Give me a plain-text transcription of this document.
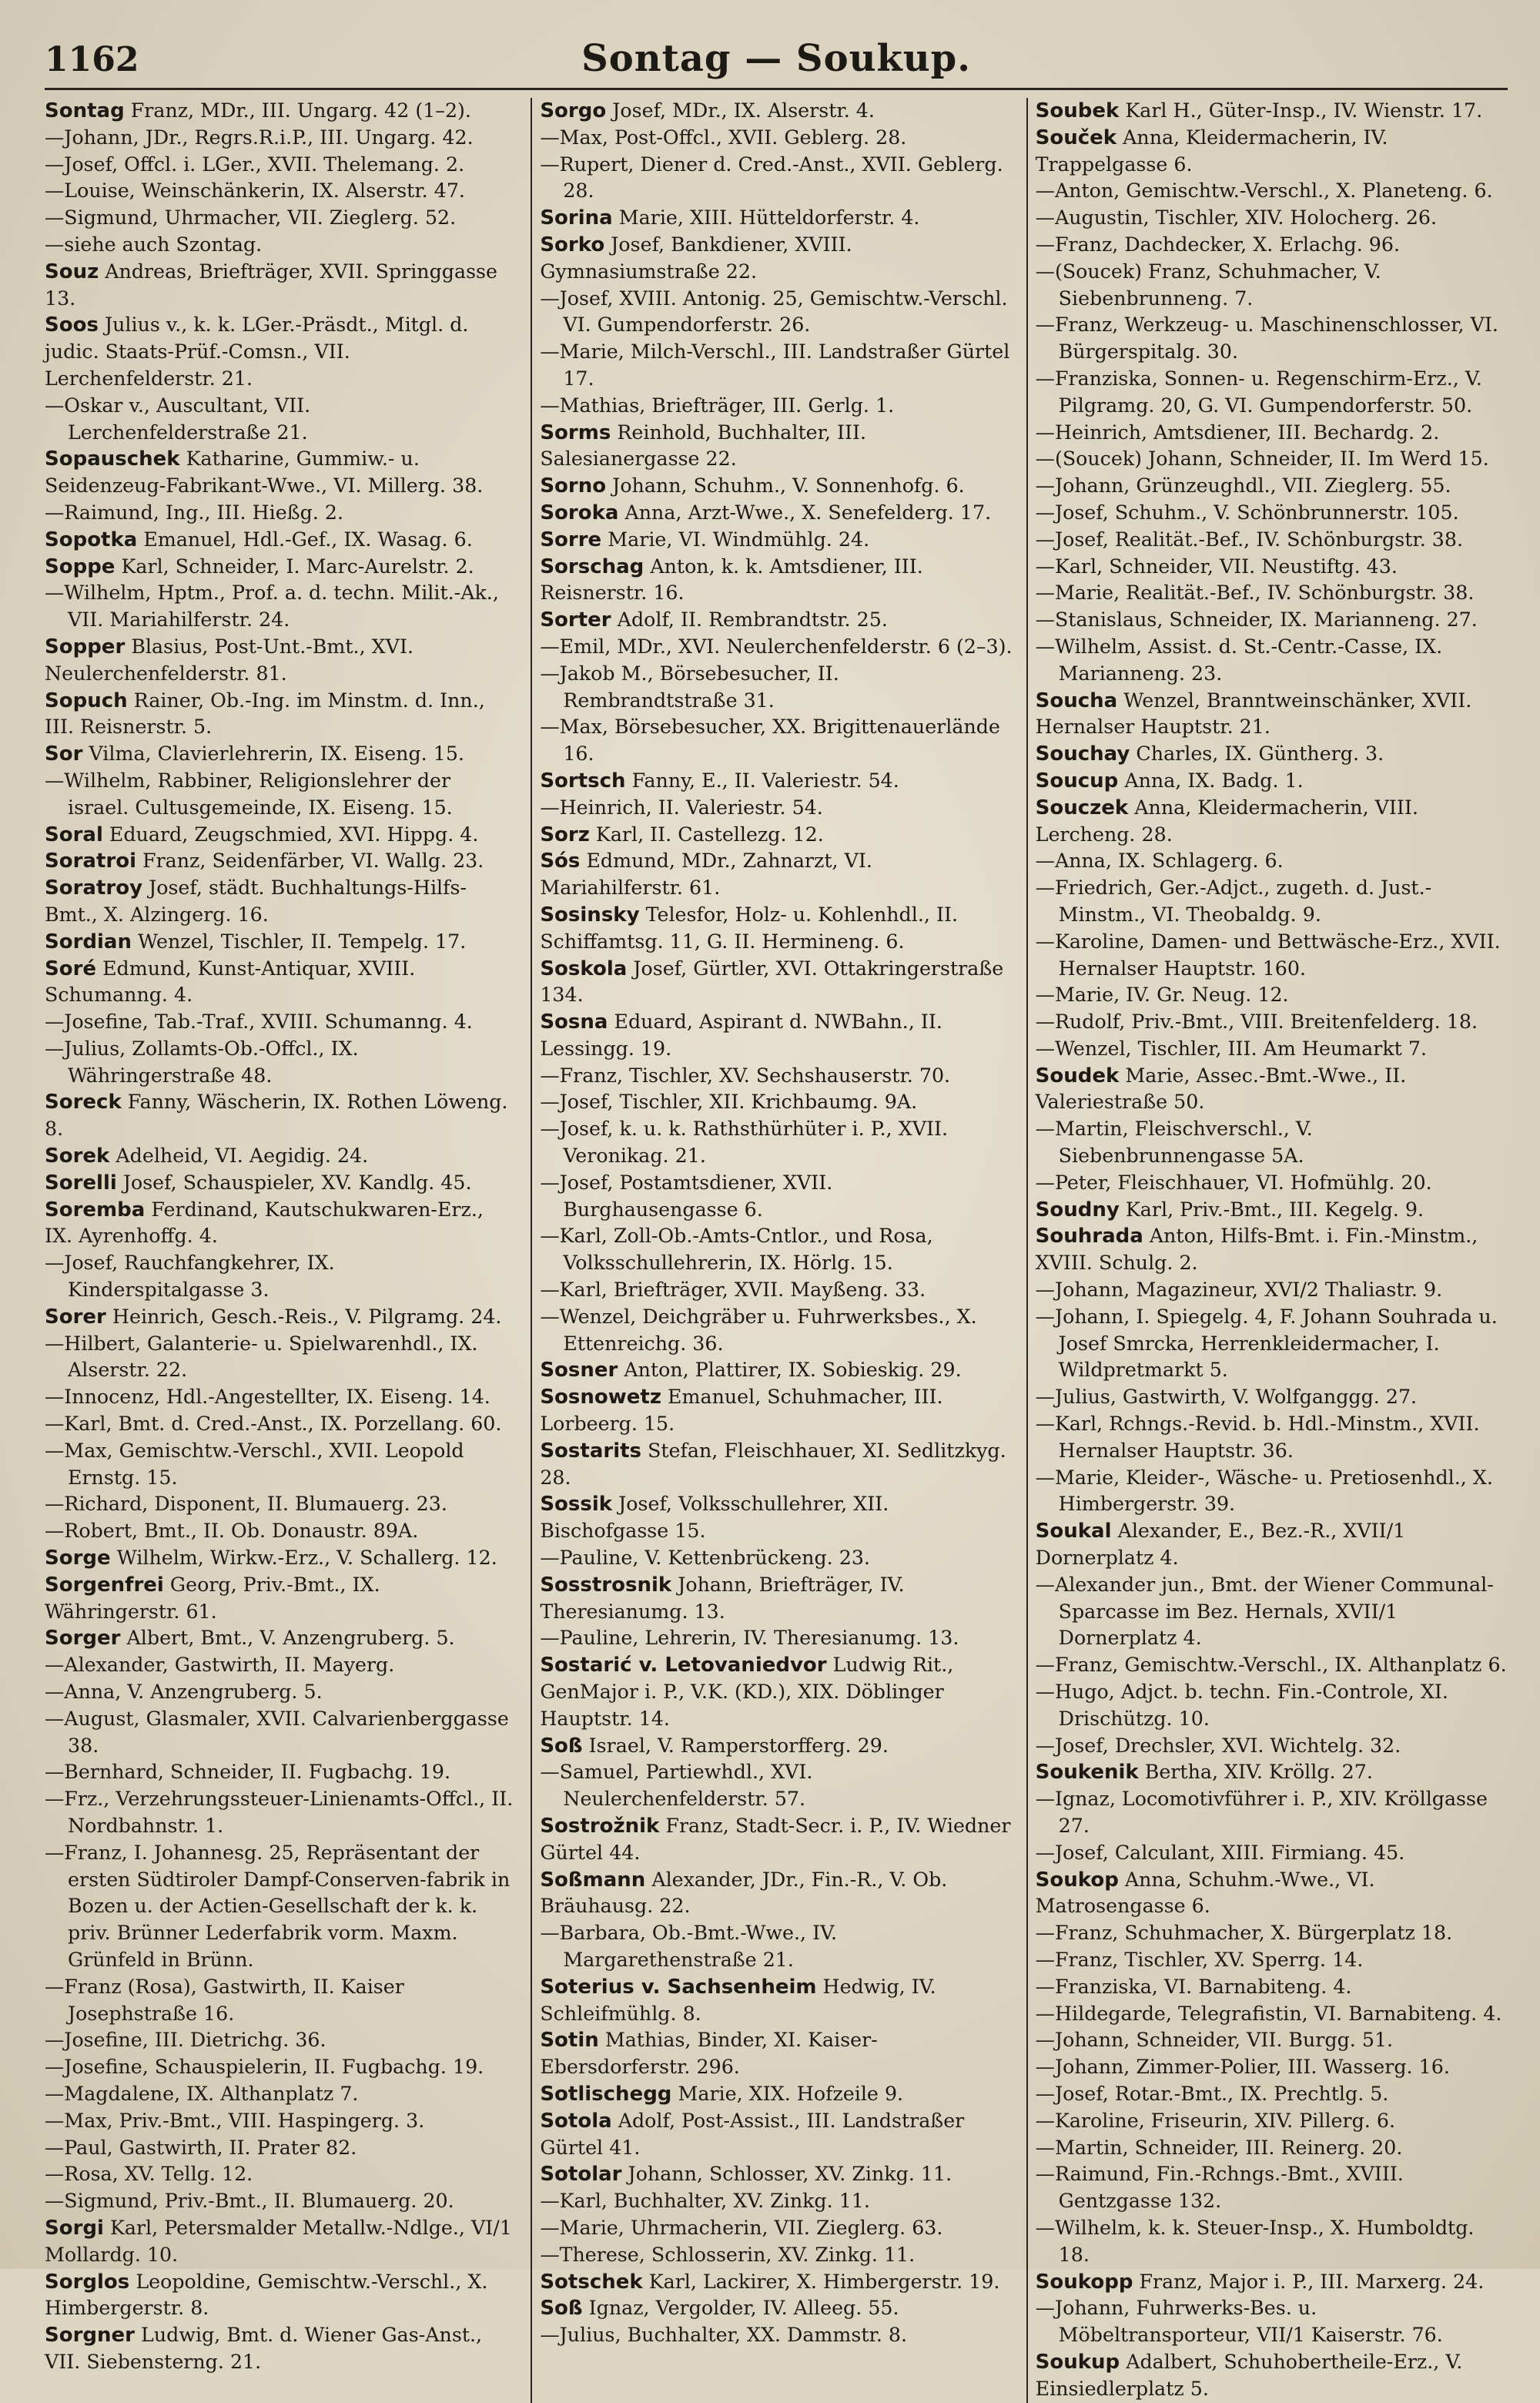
1162	Sontag — Soukup.

Sontag Franz, MDr., III. Ungarg. 42 (1–2).

— Johann, JDr., Regrs.R.i.P., III. Ungarg. 42.

— Josef, Offcl. i. LGer., XVII. Thelemang. 2.

— Louise, Weinschänkerin, IX. Alserstr. 47.

— Sigmund, Uhrmacher, VII. Zieglerg. 52.

— siehe auch Szontag.

Souz Andreas, Briefträger, XVII. Springgasse 13.

Soos Julius v., k. k. LGer.-Präsdt., Mitgl. d. judic. Staats-Prüf.-Comsn., VII. Lerchenfelderstr. 21.

— Oskar v., Auscultant, VII. Lerchenfelderstraße 21.

Sopauschek Katharine, Gummiw.- u. Seidenzeug-Fabrikant-Wwe., VI. Millerg. 38.

— Raimund, Ing., III. Hießg. 2.

Sopotka Emanuel, Hdl.-Gef., IX. Wasag. 6.

Soppe Karl, Schneider, I. Marc-Aurelstr. 2.

— Wilhelm, Hptm., Prof. a. d. techn. Milit.-Ak., VII. Mariahilferstr. 24.

Sopper Blasius, Post-Unt.-Bmt., XVI. Neulerchenfelderstr. 81.

Sopuch Rainer, Ob.-Ing. im Minstm. d. Inn., III. Reisnerstr. 5.

Sor Vilma, Clavierlehrerin, IX. Eiseng. 15.

— Wilhelm, Rabbiner, Religionslehrer der israel. Cultusgemeinde, IX. Eiseng. 15.

Soral Eduard, Zeugschmied, XVI. Hippg. 4.

Soratroi Franz, Seidenfärber, VI. Wallg. 23.

Soratroy Josef, städt. Buchhaltungs-Hilfs-Bmt., X. Alzingerg. 16.

Sordian Wenzel, Tischler, II. Tempelg. 17.

Soré Edmund, Kunst-Antiquar, XVIII. Schumanng. 4.

— Josefine, Tab.-Traf., XVIII. Schumanng. 4.

— Julius, Zollamts-Ob.-Offcl., IX. Währingerstraße 48.

Soreck Fanny, Wäscherin, IX. Rothen Löweng. 8.

Sorek Adelheid, VI. Aegidig. 24.

Sorelli Josef, Schauspieler, XV. Kandlg. 45.

Soremba Ferdinand, Kautschukwaren-Erz., IX. Ayrenhoffg. 4.

— Josef, Rauchfangkehrer, IX. Kinderspitalgasse 3.

Sorer Heinrich, Gesch.-Reis., V. Pilgramg. 24.

— Hilbert, Galanterie- u. Spielwarenhdl., IX. Alserstr. 22.

— Innocenz, Hdl.-Angestellter, IX. Eiseng. 14.

— Karl, Bmt. d. Cred.-Anst., IX. Porzellang. 60.

— Max, Gemischtw.-Verschl., XVII. Leopold Ernstg. 15.

— Richard, Disponent, II. Blumauerg. 23.

— Robert, Bmt., II. Ob. Donaustr. 89A.

Sorge Wilhelm, Wirkw.-Erz., V. Schallerg. 12.

Sorgenfrei Georg, Priv.-Bmt., IX. Währingerstr. 61.

Sorger Albert, Bmt., V. Anzengruberg. 5.

— Alexander, Gastwirth, II. Mayerg.

— Anna, V. Anzengruberg. 5.

— August, Glasmaler, XVII. Calvarienberggasse 38.

— Bernhard, Schneider, II. Fugbachg. 19.

— Frz., Verzehrungssteuer-Linienamts-Offcl., II. Nordbahnstr. 1.

— Franz, I. Johannesg. 25, Repräsentant der ersten Südtiroler Dampf-Conserven-fabrik in Bozen u. der Actien-Gesellschaft der k. k. priv. Brünner Lederfabrik vorm. Maxm. Grünfeld in Brünn.

— Franz (Rosa), Gastwirth, II. Kaiser Josephstraße 16.

— Josefine, III. Dietrichg. 36.

— Josefine, Schauspielerin, II. Fugbachg. 19.

— Magdalene, IX. Althanplatz 7.

— Max, Priv.-Bmt., VIII. Haspingerg. 3.

— Paul, Gastwirth, II. Prater 82.

— Rosa, XV. Tellg. 12.

— Sigmund, Priv.-Bmt., II. Blumauerg. 20.

Sorgi Karl, Petersmalder Metallw.-Ndlge., VI/1 Mollardg. 10.

Sorglos Leopoldine, Gemischtw.-Verschl., X. Himbergerstr. 8.

Sorgner Ludwig, Bmt. d. Wiener Gas-Anst., VII. Siebensterng. 21.

Sorgo Josef, MDr., IX. Alserstr. 4.

— Max, Post-Offcl., XVII. Geblerg. 28.

— Rupert, Diener d. Cred.-Anst., XVII. Geblerg. 28.

Sorina Marie, XIII. Hütteldorferstr. 4.

Sorko Josef, Bankdiener, XVIII. Gymnasiumstraße 22.

— Josef, XVIII. Antonig. 25, Gemischtw.-Verschl. VI. Gumpendorferstr. 26.

— Marie, Milch-Verschl., III. Landstraßer Gürtel 17.

— Mathias, Briefträger, III. Gerlg. 1.

Sorms Reinhold, Buchhalter, III. Salesianergasse 22.

Sorno Johann, Schuhm., V. Sonnenhofg. 6.

Soroka Anna, Arzt-Wwe., X. Senefelderg. 17.

Sorre Marie, VI. Windmühlg. 24.

Sorschag Anton, k. k. Amtsdiener, III. Reisnerstr. 16.

Sorter Adolf, II. Rembrandtstr. 25.

— Emil, MDr., XVI. Neulerchenfelderstr. 6 (2–3).

— Jakob M., Börsebesucher, II. Rembrandtstraße 31.

— Max, Börsebesucher, XX. Brigittenauerlände 16.

Sortsch Fanny, E., II. Valeriestr. 54.

— Heinrich, II. Valeriestr. 54.

Sorz Karl, II. Castellezg. 12.

Sós Edmund, MDr., Zahnarzt, VI. Mariahilferstr. 61.

Sosinsky Telesfor, Holz- u. Kohlenhdl., II. Schiffamtsg. 11, G. II. Hermineng. 6.

Soskola Josef, Gürtler, XVI. Ottakringerstraße 134.

Sosna Eduard, Aspirant d. NWBahn., II. Lessingg. 19.

— Franz, Tischler, XV. Sechshauserstr. 70.

— Josef, Tischler, XII. Krichbaumg. 9A.

— Josef, k. u. k. Rathsthürhüter i. P., XVII. Veronikag. 21.

— Josef, Postamtsdiener, XVII. Burghausengasse 6.

— Karl, Zoll-Ob.-Amts-Cntlor., und Rosa, Volksschullehrerin, IX. Hörlg. 15.

— Karl, Briefträger, XVII. Mayßeng. 33.

— Wenzel, Deichgräber u. Fuhrwerksbes., X. Ettenreichg. 36.

Sosner Anton, Plattirer, IX. Sobieskig. 29.

Sosnowetz Emanuel, Schuhmacher, III. Lorbeerg. 15.

Sostarits Stefan, Fleischhauer, XI. Sedlitzkyg. 28.

Sossik Josef, Volksschullehrer, XII. Bischofgasse 15.

— Pauline, V. Kettenbrückeng. 23.

Sosstrosnik Johann, Briefträger, IV. Theresianumg. 13.

— Pauline, Lehrerin, IV. Theresianumg. 13.

Sostarić v. Letovaniedvor Ludwig Rit., GenMajor i. P., V.K. (KD.), XIX. Döblinger Hauptstr. 14.

Soß Israel, V. Ramperstorfferg. 29.

— Samuel, Partiewhdl., XVI. Neulerchenfelderstr. 57.

Sostrožnik Franz, Stadt-Secr. i. P., IV. Wiedner Gürtel 44.

Soßmann Alexander, JDr., Fin.-R., V. Ob. Bräuhausg. 22.

— Barbara, Ob.-Bmt.-Wwe., IV. Margarethenstraße 21.

Soterius v. Sachsenheim Hedwig, IV. Schleifmühlg. 8.

Sotin Mathias, Binder, XI. Kaiser-Ebersdorferstr. 296.

Sotlischegg Marie, XIX. Hofzeile 9.

Sotola Adolf, Post-Assist., III. Landstraßer Gürtel 41.

Sotolar Johann, Schlosser, XV. Zinkg. 11.

— Karl, Buchhalter, XV. Zinkg. 11.

— Marie, Uhrmacherin, VII. Zieglerg. 63.

— Therese, Schlosserin, XV. Zinkg. 11.

Sotschek Karl, Lackirer, X. Himbergerstr. 19.

Soß Ignaz, Vergolder, IV. Alleeg. 55.

— Julius, Buchhalter, XX. Dammstr. 8.

Soubek Karl H., Güter-Insp., IV. Wienstr. 17.

Souček Anna, Kleidermacherin, IV. Trappelgasse 6.

— Anton, Gemischtw.-Verschl., X. Planeteng. 6.

— Augustin, Tischler, XIV. Holocherg. 26.

— Franz, Dachdecker, X. Erlachg. 96.

— (Soucek) Franz, Schuhmacher, V. Siebenbrunneng. 7.

— Franz, Werkzeug- u. Maschinenschlosser, VI. Bürgerspitalg. 30.

— Franziska, Sonnen- u. Regenschirm-Erz., V. Pilgramg. 20, G. VI. Gumpendorferstr. 50.

— Heinrich, Amtsdiener, III. Bechardg. 2.

— (Soucek) Johann, Schneider, II. Im Werd 15.

— Johann, Grünzeughdl., VII. Zieglerg. 55.

— Josef, Schuhm., V. Schönbrunnerstr. 105.

— Josef, Realität.-Bef., IV. Schönburgstr. 38.

— Karl, Schneider, VII. Neustiftg. 43.

— Marie, Realität.-Bef., IV. Schönburgstr. 38.

— Stanislaus, Schneider, IX. Marianneng. 27.

— Wilhelm, Assist. d. St.-Centr.-Casse, IX. Marianneng. 23.

Soucha Wenzel, Branntweinschänker, XVII. Hernalser Hauptstr. 21.

Souchay Charles, IX. Güntherg. 3.

Soucup Anna, IX. Badg. 1.

Souczek Anna, Kleidermacherin, VIII. Lercheng. 28.

— Anna, IX. Schlagerg. 6.

— Friedrich, Ger.-Adjct., zugeth. d. Just.-Minstm., VI. Theobaldg. 9.

— Karoline, Damen- und Bettwäsche-Erz., XVII. Hernalser Hauptstr. 160.

— Marie, IV. Gr. Neug. 12.

— Rudolf, Priv.-Bmt., VIII. Breitenfelderg. 18.

— Wenzel, Tischler, III. Am Heumarkt 7.

Soudek Marie, Assec.-Bmt.-Wwe., II. Valeriestraße 50.

— Martin, Fleischverschl., V. Siebenbrunnengasse 5A.

— Peter, Fleischhauer, VI. Hofmühlg. 20.

Soudny Karl, Priv.-Bmt., III. Kegelg. 9.

Souhrada Anton, Hilfs-Bmt. i. Fin.-Minstm., XVIII. Schulg. 2.

— Johann, Magazineur, XVI/2 Thaliastr. 9.

— Johann, I. Spiegelg. 4, F. Johann Souhrada u. Josef Smrcka, Herrenkleidermacher, I. Wildpretmarkt 5.

— Julius, Gastwirth, V. Wolfganggg. 27.

— Karl, Rchngs.-Revid. b. Hdl.-Minstm., XVII. Hernalser Hauptstr. 36.

— Marie, Kleider-, Wäsche- u. Pretiosenhdl., X. Himbergerstr. 39.

Soukal Alexander, E., Bez.-R., XVII/1 Dornerplatz 4.

— Alexander jun., Bmt. der Wiener Communal-Sparcasse im Bez. Hernals, XVII/1 Dornerplatz 4.

— Franz, Gemischtw.-Verschl., IX. Althanplatz 6.

— Hugo, Adjct. b. techn. Fin.-Controle, XI. Drischützg. 10.

— Josef, Drechsler, XVI. Wichtelg. 32.

Soukenik Bertha, XIV. Kröllg. 27.

— Ignaz, Locomotivführer i. P., XIV. Kröllgasse 27.

— Josef, Calculant, XIII. Firmiang. 45.

Soukop Anna, Schuhm.-Wwe., VI. Matrosengasse 6.

— Franz, Schuhmacher, X. Bürgerplatz 18.

— Franz, Tischler, XV. Sperrg. 14.

— Franziska, VI. Barnabiteng. 4.

— Hildegarde, Telegrafistin, VI. Barnabiteng. 4.

— Johann, Schneider, VII. Burgg. 51.

— Johann, Zimmer-Polier, III. Wasserg. 16.

— Josef, Rotar.-Bmt., IX. Prechtlg. 5.

— Karoline, Friseurin, XIV. Pillerg. 6.

— Martin, Schneider, III. Reinerg. 20.

— Raimund, Fin.-Rchngs.-Bmt., XVIII. Gentzgasse 132.

— Wilhelm, k. k. Steuer-Insp., X. Humboldtg. 18.

Soukopp Franz, Major i. P., III. Marxerg. 24.

— Johann, Fuhrwerks-Bes. u. Möbeltransporteur, VII/1 Kaiserstr. 76.

Soukup Adalbert, Schuhobertheile-Erz., V. Einsiedlerplatz 5.
